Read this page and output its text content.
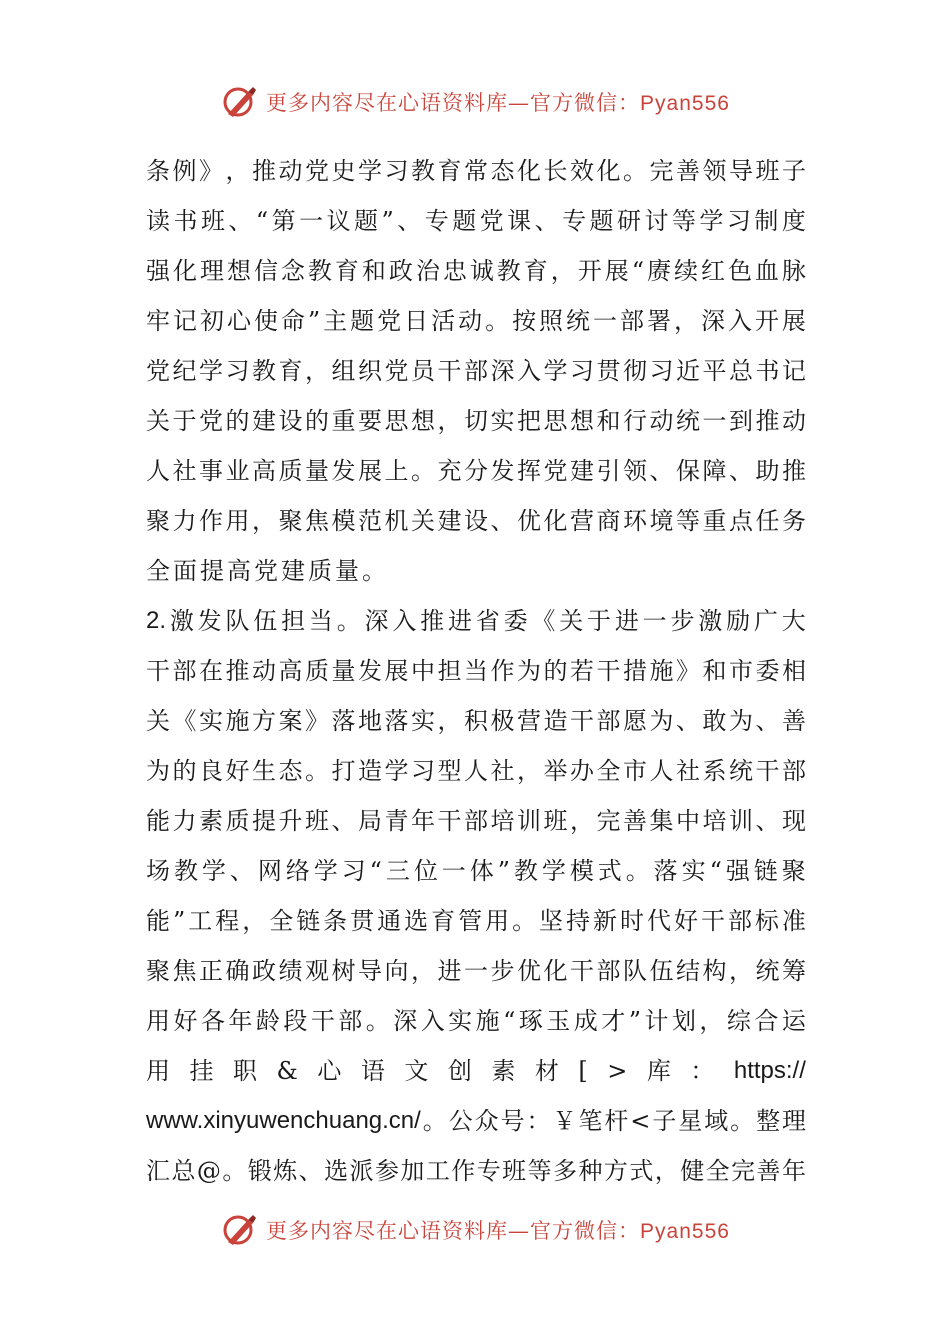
更多内容尽在心语资料库—官方微信：Pyan556
条 例 》 ， 推 动 党 史 学 习 教 育 常 态 化 长 效 化 。 完 善 领 导 班 子
读 书 班 、 “ 第 一 议 题 ” 、 专 题 党 课 、 专 题 研 讨 等 学 习 制 度
强 化 理 想 信 念 教 育 和 政 治 忠 诚 教 育 ， 开 展 “ 赓 续 红 色 血 脉
牢 记 初 心 使 命 ” 主 题 党 日 活 动 。 按 照 统 一 部 署 ， 深 入 开 展
党 纪 学 习 教 育 ， 组 织 党 员 干 部 深 入 学 习 贯 彻 习 近 平 总 书 记
关 于 党 的 建 设 的 重 要 思 想 ， 切 实 把 思 想 和 行 动 统 一 到 推 动
人 社 事 业 高 质 量 发 展 上 。 充 分 发 挥 党 建 引 领 、 保 障 、 助 推
聚 力 作 用 ， 聚 焦 模 范 机 关 建 设 、 优 化 营 商 环 境 等 重 点 任 务
全 面 提 高 党 建 质 量 。
2. 激 发 队 伍 担 当 。 深 入 推 进 省 委 《 关 于 进 一 步 激 励 广 大
干 部 在 推 动 高 质 量 发 展 中 担 当 作 为 的 若 干 措 施 》 和 市 委 相
关 《 实 施 方 案 》 落 地 落 实 ， 积 极 营 造 干 部 愿 为 、 敢 为 、 善
为 的 良 好 生 态 。 打 造 学 习 型 人 社 ， 举 办 全 市 人 社 系 统 干 部
能 力 素 质 提 升 班 、 局 青 年 干 部 培 训 班 ， 完 善 集 中 培 训 、 现
场 教 学 、 网 络 学 习 “ 三 位 一 体 ” 教 学 模 式 。 落 实 “ 强 链 聚
能 ” 工 程 ， 全 链 条 贯 通 选 育 管 用 。 坚 持 新 时 代 好 干 部 标 准
聚 焦 正 确 政 绩 观 树 导 向 ， 进 一 步 优 化 干 部 队 伍 结 构 ， 统 筹
用 好 各 年 龄 段 干 部 。 深 入 实 施 “ 琢 玉 成 才 ” 计 划 ， 综 合 运
用 挂 职 & 心 语 文 创 素 材 [ > 库 ： https://
www.xinyuwenchuang.cn/ 。 公 众 号 ： ￥ 笔 杆 < 子 星 域 。 整 理
汇 总 @ 。 锻 炼 、 选 派 参 加 工 作 专 班 等 多 种 方 式 ， 健 全 完 善 年
更多内容尽在心语资料库—官方微信：Pyan556
